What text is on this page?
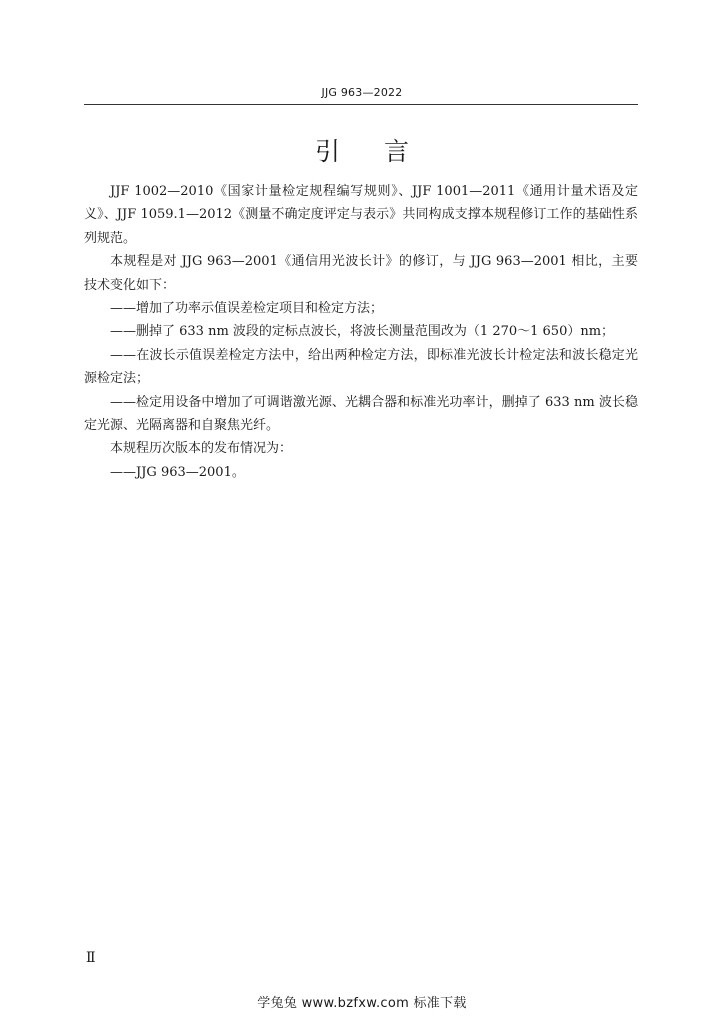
JJG 963—2022
引言

JJF 1002—2010《国家计量检定规程编写规则》、JJF 1001—2011《通用计量术语及定义》、JJF 1059.1—2012《测量不确定度评定与表示》共同构成支撑本规程修订工作的基础性系列规范。

本规程是对 JJG 963—2001《通信用光波长计》的修订，与 JJG 963—2001 相比，主要技术变化如下：

——增加了功率示值误差检定项目和检定方法；

——删掉了 633 nm 波段的定标点波长，将波长测量范围改为（1 270～1 650）nm；

——在波长示值误差检定方法中，给出两种检定方法，即标准光波长计检定法和波长稳定光源检定法；

——检定用设备中增加了可调谐激光源、光耦合器和标准光功率计，删掉了 633 nm 波长稳定光源、光隔离器和自聚焦光纤。

本规程历次版本的发布情况为：

——JJG 963—2001。

Ⅱ
学兔兔 www.bzfxw.com 标准下载
